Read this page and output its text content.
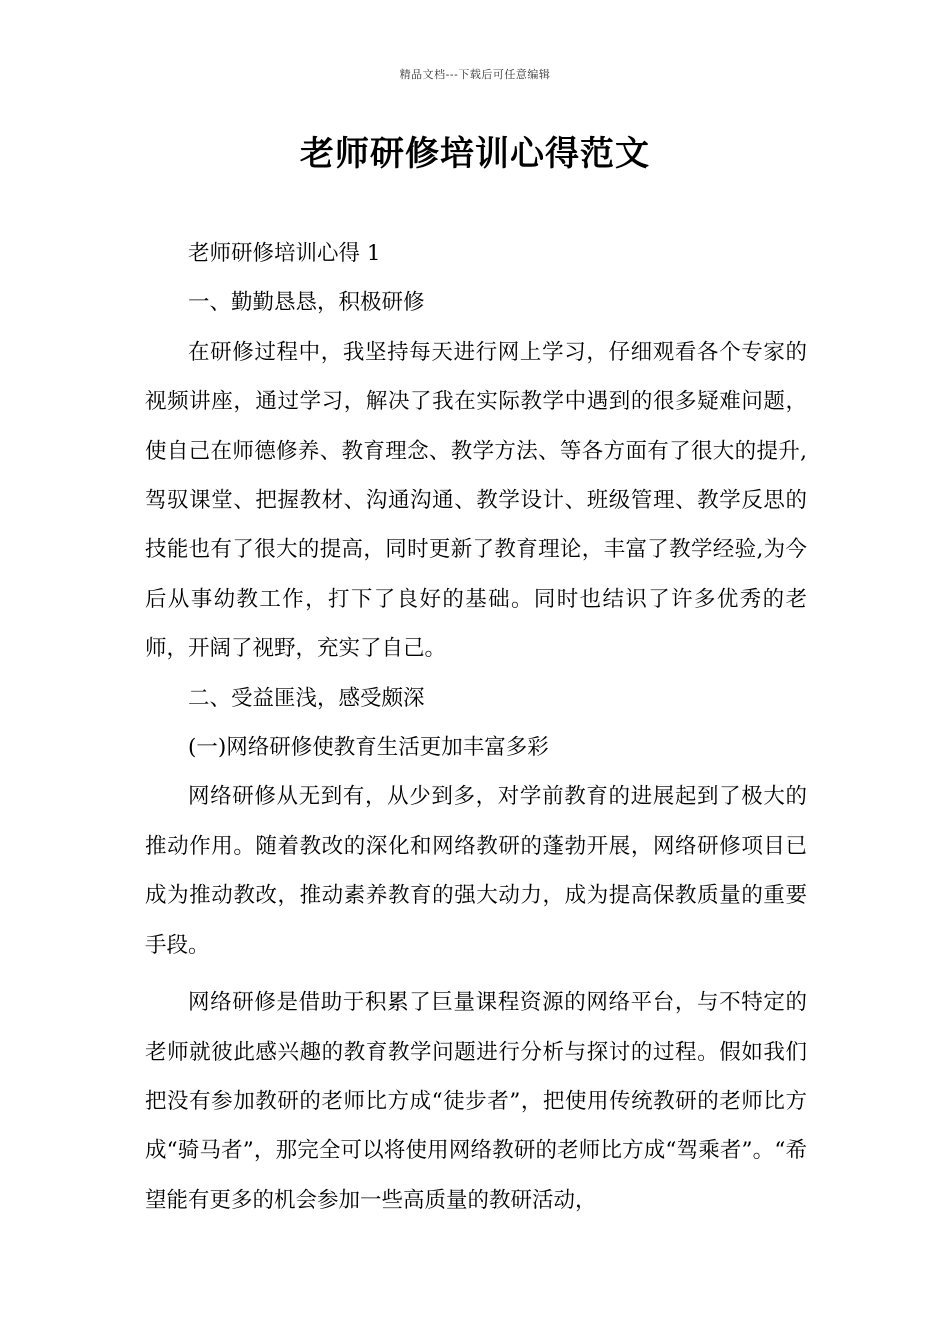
精品文档---下载后可任意编辑
老师研修培训心得范文

老师研修培训心得 1

一、勤勤恳恳，积极研修

在研修过程中，我坚持每天进行网上学习，仔细观看各个专家的视频讲座，通过学习，解决了我在实际教学中遇到的很多疑难问题，使自己在师德修养、教育理念、教学方法、等各方面有了很大的提升,驾驭课堂、把握教材、沟通沟通、教学设计、班级管理、教学反思的技能也有了很大的提高，同时更新了教育理论，丰富了教学经验,为今后从事幼教工作，打下了良好的基础。同时也结识了许多优秀的老师，开阔了视野，充实了自己。

二、受益匪浅，感受颇深

(一)网络研修使教育生活更加丰富多彩

网络研修从无到有，从少到多，对学前教育的进展起到了极大的推动作用。随着教改的深化和网络教研的蓬勃开展，网络研修项目已成为推动教改，推动素养教育的强大动力，成为提高保教质量的重要手段。

网络研修是借助于积累了巨量课程资源的网络平台，与不特定的老师就彼此感兴趣的教育教学问题进行分析与探讨的过程。假如我们把没有参加教研的老师比方成“徒步者”，把使用传统教研的老师比方成“骑马者”，那完全可以将使用网络教研的老师比方成“驾乘者”。“希望能有更多的机会参加一些高质量的教研活动，
